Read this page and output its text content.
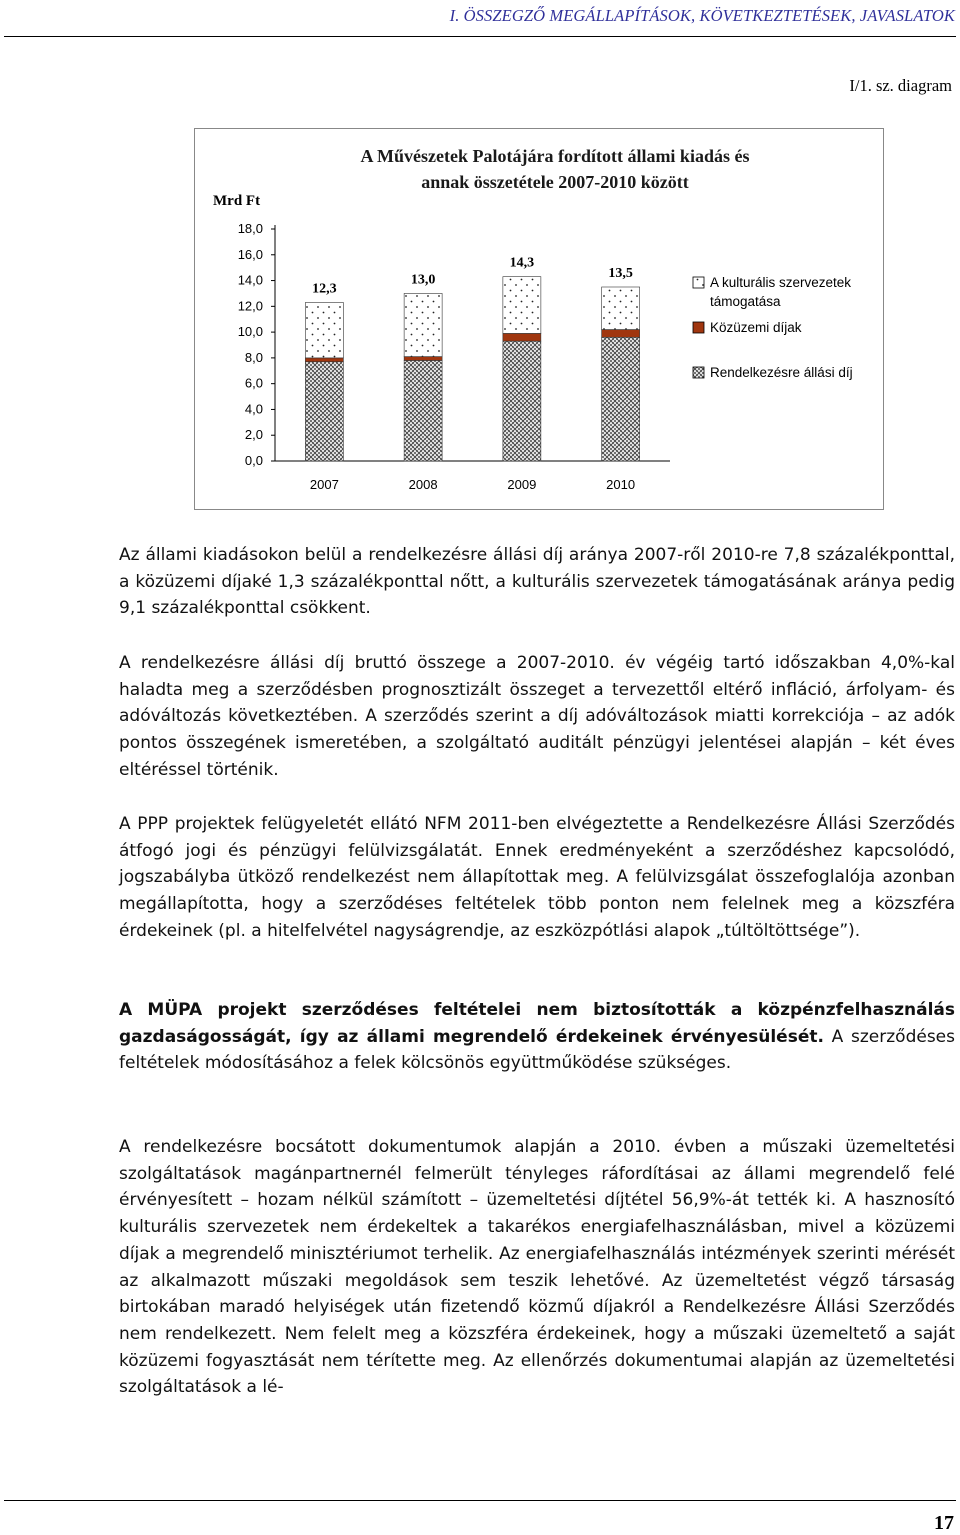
I. ÖSSZEGZŐ MEGÁLLAPÍTÁSOK, KÖVETKEZTETÉSEK, JAVASLATOK
I/1. sz. diagram
A Művészetek Palotájára fordított állami kiadás és
annak összetétele 2007-2010 között
Mrd Ft
18,0
16,0
14,0
12,0
10,0
8,0
6,0
4,0
2,0
0,0
12,3
2007
13,0
2008
14,3
2009
13,5
2010
A kulturális szervezetek
támogatása
Közüzemi díjak
Rendelkezésre állási díj

Az állami kiadásokon belül a rendelkezésre állási díj aránya 2007-ről 2010-re 7,8 százalékponttal, a közüzemi díjaké 1,3 százalékponttal nőtt, a kulturális szervezetek támogatásának aránya pedig 9,1 százalékponttal csökkent.

A rendelkezésre állási díj bruttó összege a 2007-2010. év végéig tartó időszakban 4,0%-kal haladta meg a szerződésben prognosztizált összeget a tervezettől eltérő infláció, árfolyam- és adóváltozás következtében. A szerződés szerint a díj adóváltozások miatti korrekciója – az adók pontos összegének ismeretében, a szolgáltató auditált pénzügyi jelentései alapján – két éves eltéréssel történik.

A PPP projektek felügyeletét ellátó NFM 2011-ben elvégeztette a Rendelkezésre Állási Szerződés átfogó jogi és pénzügyi felülvizsgálatát. Ennek eredményeként a szerződéshez kapcsolódó, jogszabályba ütköző rendelkezést nem állapítottak meg. A felülvizsgálat összefoglalója azonban megállapította, hogy a szerződéses feltételek több ponton nem felelnek meg a közszféra érdekeinek (pl. a hitelfelvétel nagyságrendje, az eszközpótlási alapok „túltöltöttsége”).

A MÜPA projekt szerződéses feltételei nem biztosították a közpénzfelhasználás gazdaságosságát, így az állami megrendelő érdekeinek érvényesülését. A szerződéses feltételek módosításához a felek kölcsönös együttműködése szükséges.

A rendelkezésre bocsátott dokumentumok alapján a 2010. évben a műszaki üzemeltetési szolgáltatások magánpartnernél felmerült tényleges ráfordításai az állami megrendelő felé érvényesített – hozam nélkül számított – üzemeltetési díjtétel 56,9%-át tették ki. A hasznosító kulturális szervezetek nem érdekeltek a takarékos energiafelhasználásban, mivel a közüzemi díjak a megrendelő minisztériumot terhelik. Az energiafelhasználás intézmények szerinti mérését az alkalmazott műszaki megoldások sem teszik lehetővé. Az üzemeltetést végző társaság birtokában maradó helyiségek után fizetendő közmű díjakról a Rendelkezésre Állási Szerződés nem rendelkezett. Nem felelt meg a közszféra érdekeinek, hogy a műszaki üzemeltető a saját közüzemi fogyasztását nem térítette meg. Az ellenőrzés dokumentumai alapján az üzemeltetési szolgáltatások a lé-

17
